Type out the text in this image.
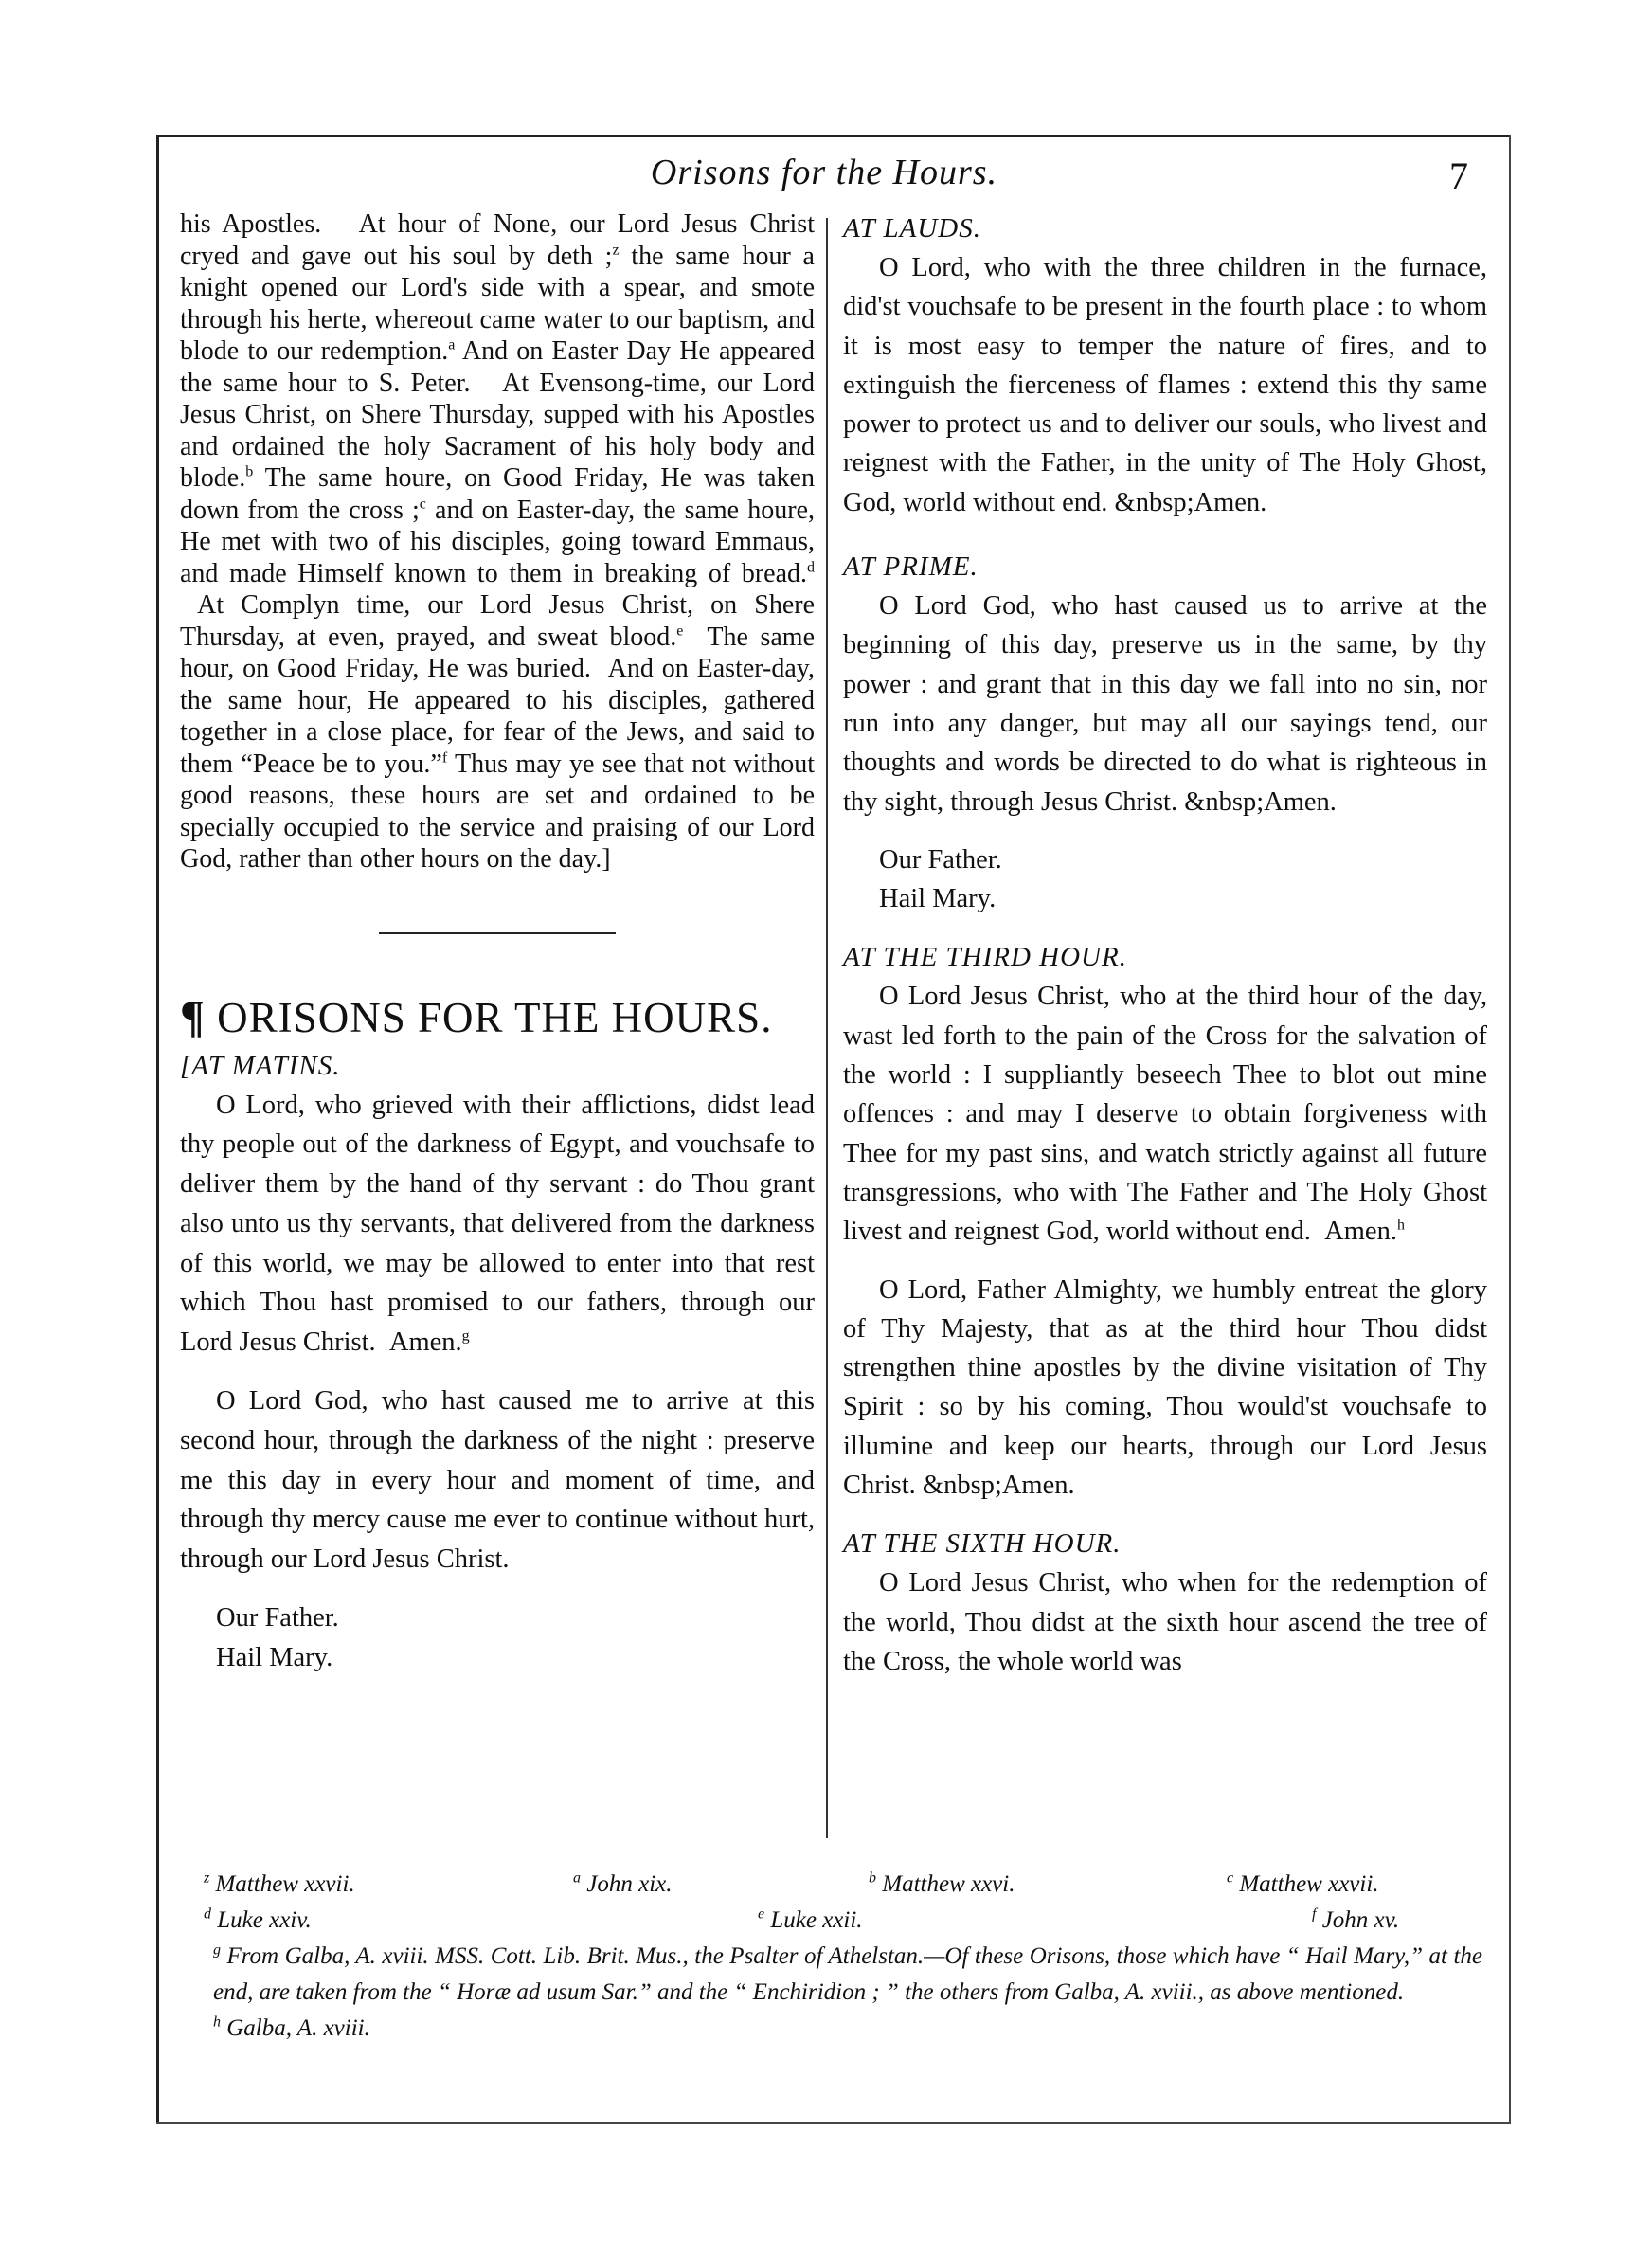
Orisons for the Hours.	7

his Apostles.   At hour of None, our Lord Jesus Christ cryed and gave out his soul by deth ;$^z$ the same hour a knight opened our Lord's side with a spear, and smote through his herte, whereout came water to our baptism, and blode to our redemption.$^a$ And on Easter Day He appeared the same hour to S. Peter.   At Evensong-time, our Lord Jesus Christ, on Shere Thursday, supped with his Apostles and ordained the holy Sacrament of his holy body and blode.$^b$ The same houre, on Good Friday, He was taken down from the cross ;$^c$ and on Easter-day, the same houre, He met with two of his disciples, going toward Emmaus, and made Himself known to them in breaking of bread.$^d$  At Complyn time, our Lord Jesus Christ, on Shere Thursday, at even, prayed, and sweat blood.$^e$  The same hour, on Good Friday, He was buried.  And on Easter-day, the same hour, He appeared to his disciples, gathered together in a close place, for fear of the Jews, and said to them “Peace be to you.”$^f$ Thus may ye see that not without good reasons, these hours are set and ordained to be specially occupied to the service and praising of our Lord God, rather than other hours on the day.]

¶ ORISONS FOR THE HOURS.

[AT MATINS.

O Lord, who grieved with their afflictions, didst lead thy people out of the darkness of Egypt, and vouchsafe to deliver them by the hand of thy servant : do Thou grant also unto us thy servants, that delivered from the darkness of this world, we may be allowed to enter into that rest which Thou hast promised to our fathers, through our Lord Jesus Christ.  Amen.$^g$

O Lord God, who hast caused me to arrive at this second hour, through the darkness of the night : preserve me this day in every hour and moment of time, and through thy mercy cause me ever to continue without hurt, through our Lord Jesus Christ.

Our Father.

Hail Mary.

AT LAUDS.

O Lord, who with the three children in the furnace, did'st vouchsafe to be present in the fourth place : to whom it is most easy to temper the nature of fires, and to extinguish the fierceness of flames : extend this thy same power to protect us and to deliver our souls, who livest and reignest with the Father, in the unity of The Holy Ghost, God, world without end. &nbsp;Amen.

AT PRIME.

O Lord God, who hast caused us to arrive at the beginning of this day, preserve us in the same, by thy power : and grant that in this day we fall into no sin, nor run into any danger, but may all our sayings tend, our thoughts and words be directed to do what is righteous in thy sight, through Jesus Christ. &nbsp;Amen.

Our Father.

Hail Mary.

AT THE THIRD HOUR.

O Lord Jesus Christ, who at the third hour of the day, wast led forth to the pain of the Cross for the salvation of the world : I suppliantly beseech Thee to blot out mine offences : and may I deserve to obtain forgiveness with Thee for my past sins, and watch strictly against all future transgressions, who with The Father and The Holy Ghost livest and reignest God, world without end.  Amen.$^h$

O Lord, Father Almighty, we humbly entreat the glory of Thy Majesty, that as at the third hour Thou didst strengthen thine apostles by the divine visitation of Thy Spirit : so by his coming, Thou would'st vouchsafe to illumine and keep our hearts, through our Lord Jesus Christ. &nbsp;Amen.

AT THE SIXTH HOUR.

O Lord Jesus Christ, who when for the redemption of the world, Thou didst at the sixth hour ascend the tree of the Cross, the whole world was

$^z$ Matthew xxvii.	$^a$ John xix.	$^b$ Matthew xxvi.	$^c$ Matthew xxvii.
$^d$ Luke xxiv.	$^e$ Luke xxii.	$^f$ John xv.

$^g$ From Galba, A. xviii. MSS. Cott. Lib. Brit. Mus., the Psalter of Athelstan.—Of these Orisons, those which have “ Hail Mary,” at the end, are taken from the “ Horæ ad usum Sar.” and the “ Enchiridion ; ” the others from Galba, A. xviii., as above mentioned.

$^h$ Galba, A. xviii.
